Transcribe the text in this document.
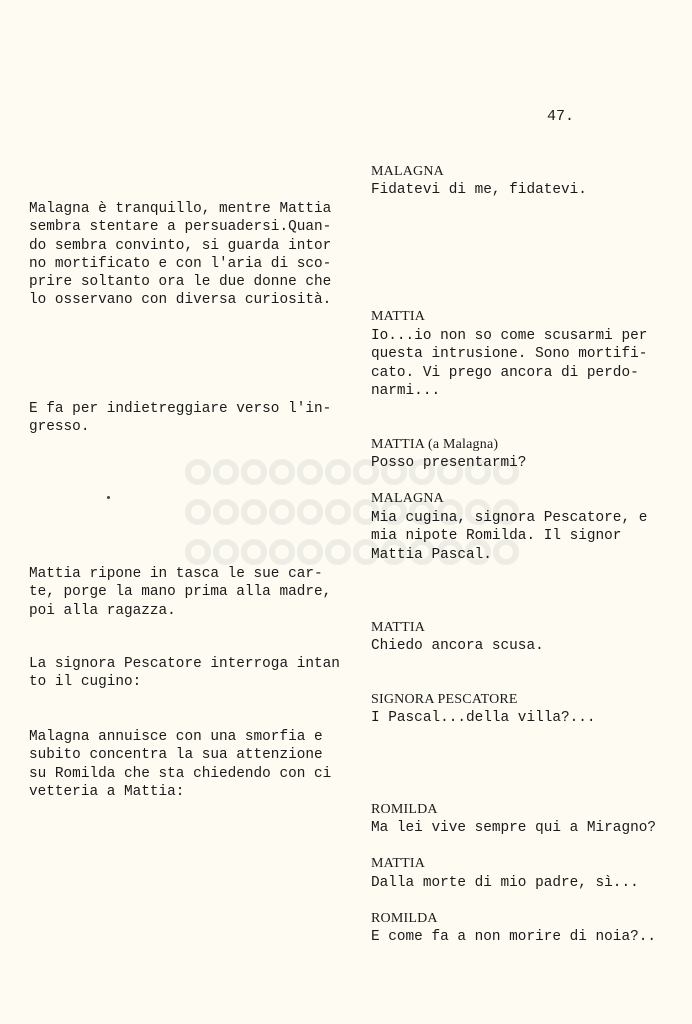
47.
Malagna è tranquillo, mentre Mattia
sembra stentare a persuadersi.Quan-
do sembra convinto, si guarda intor
no mortificato e con l'aria di sco-
prire soltanto ora le due donne che
lo osservano con diversa curiosità.
E fa per indietreggiare verso l'in-
gresso.
Mattia ripone in tasca le sue car-
te, porge la mano prima alla madre,
poi alla ragazza.
La signora Pescatore interroga intan
to il cugino:
Malagna annuisce con una smorfia e
subito concentra la sua attenzione
su Romilda che sta chiedendo con ci
vetteria a Mattia:
MALAGNA
Fidatevi di me, fidatevi.
MATTIA
Io...io non so come scusarmi per
questa intrusione. Sono mortifi-
cato. Vi prego ancora di perdo-
narmi...
MATTIA (a Malagna)
Posso presentarmi?
MALAGNA
Mia cugina, signora Pescatore, e
mia nipote Romilda. Il signor
Mattia Pascal.
MATTIA
Chiedo ancora scusa.
SIGNORA PESCATORE
I Pascal...della villa?...
ROMILDA
Ma lei vive sempre qui a Miragno?
MATTIA
Dalla morte di mio padre, sì...
ROMILDA
E come fa a non morire di noia?..
